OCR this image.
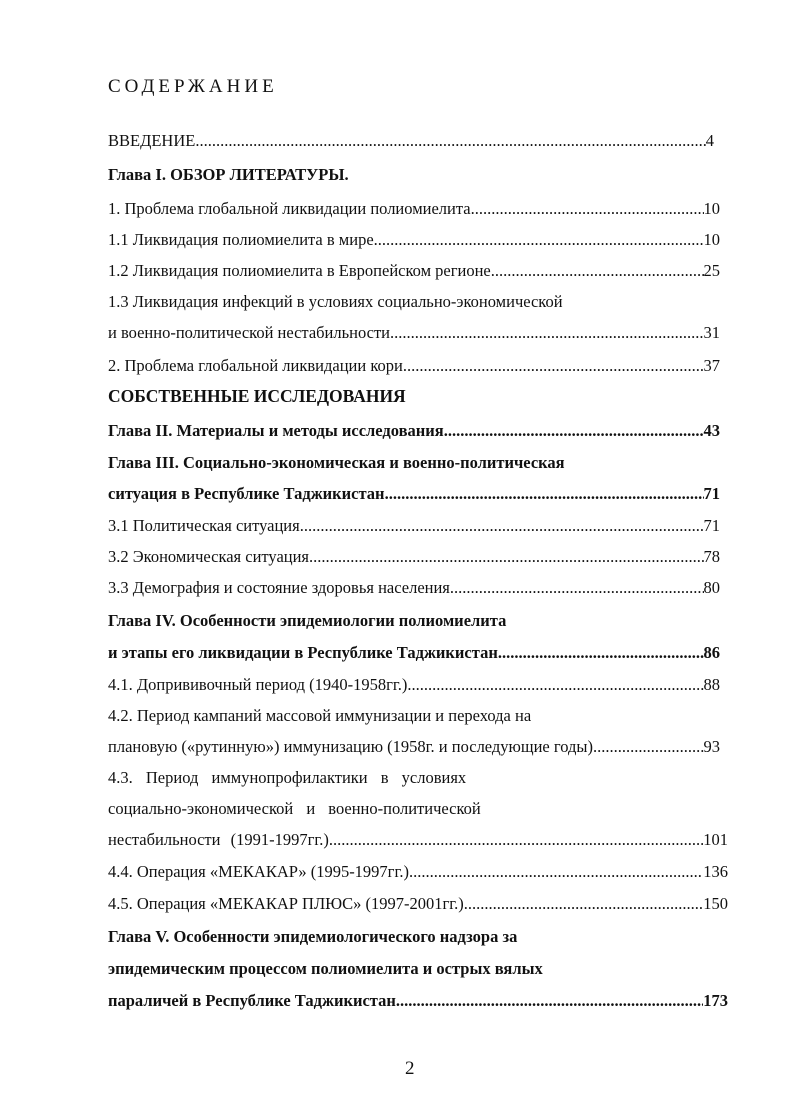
СОДЕРЖАНИЕ
ВВЕДЕНИЕ .....	4
Глава I. ОБЗОР ЛИТЕРАТУРЫ.
1. Проблема глобальной ликвидации полиомиелита .....	10
1.1 Ликвидация полиомиелита в мире .....	10
1.2 Ликвидация полиомиелита в Европейском регионе .....	25
1.3 Ликвидация инфекций в условиях социально-экономической
и военно-политической нестабильности .....	31
2. Проблема глобальной ликвидации кори .....	37
СОБСТВЕННЫЕ ИССЛЕДОВАНИЯ
Глава II. Материалы и методы исследования .....	43
Глава III. Социально-экономическая и военно-политическая
ситуация в Республике Таджикистан .....	71
3.1 Политическая ситуация .....	71
3.2 Экономическая ситуация .....	78
3.3 Демография и состояние здоровья населения .....	80
Глава IV. Особенности эпидемиологии полиомиелита
и этапы его ликвидации в Республике Таджикистан .....	86
4.1. Допрививочный период (1940-1958гг.) .....	88
4.2. Период кампаний массовой иммунизации и перехода на
плановую («рутинную») иммунизацию (1958г. и последующие годы) .....	93
4.3. Период иммунопрофилактики в условиях
социально-экономической и военно-политической
нестабильности (1991-1997гг.) .....	101
4.4. Операция «МЕКАКАР» (1995-1997гг.) .....	136
4.5. Операция «МЕКАКАР ПЛЮС» (1997-2001гг.) .....	150
Глава V. Особенности эпидемиологического надзора за
эпидемическим процессом полиомиелита и острых вялых
параличей в Республике Таджикистан .....	173
2
